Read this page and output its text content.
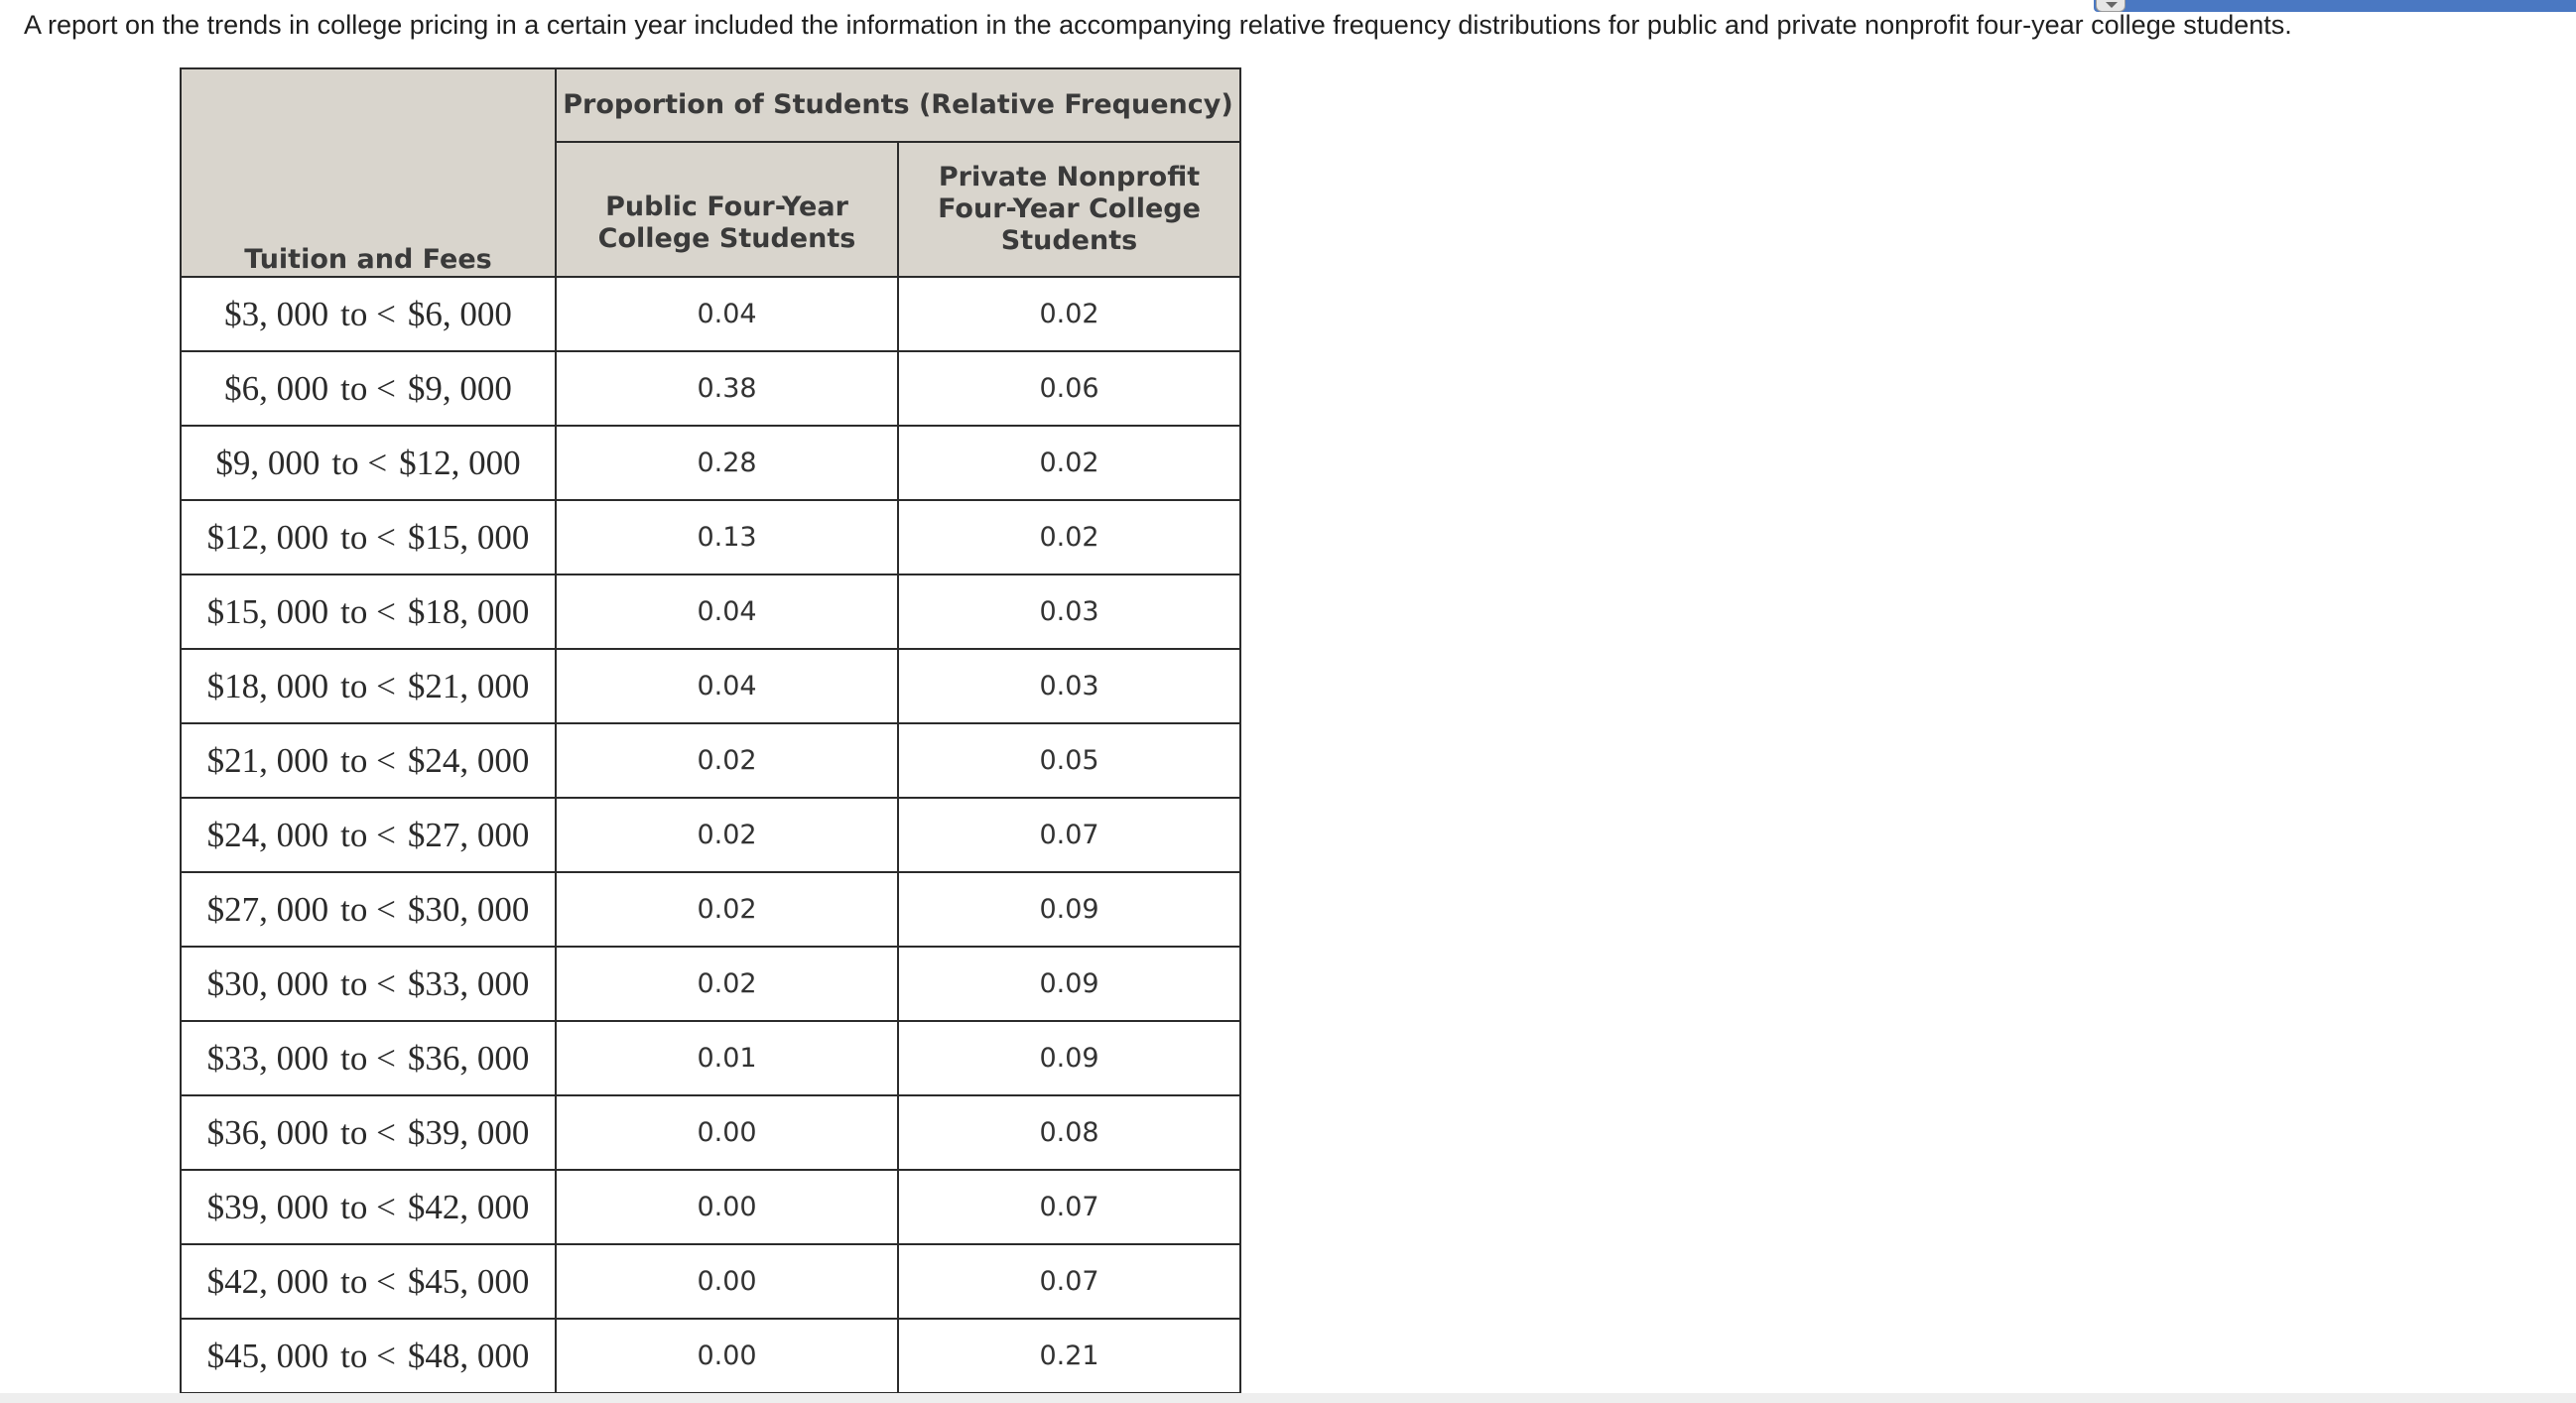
A report on the trends in college pricing in a certain year included the information in the accompanying relative frequency distributions for public and private nonprofit four-year college students.
Tuition and Fees	Proportion of Students (Relative Frequency)	

	Public Four-Year College Students	Private Nonprofit Four-Year College Students

$3, 000 to < $6, 000	0.04	0.02
$6, 000 to < $9, 000	0.38	0.06
$9, 000 to < $12, 000	0.28	0.02
$12, 000 to < $15, 000	0.13	0.02
$15, 000 to < $18, 000	0.04	0.03
$18, 000 to < $21, 000	0.04	0.03
$21, 000 to < $24, 000	0.02	0.05
$24, 000 to < $27, 000	0.02	0.07
$27, 000 to < $30, 000	0.02	0.09
$30, 000 to < $33, 000	0.02	0.09
$33, 000 to < $36, 000	0.01	0.09
$36, 000 to < $39, 000	0.00	0.08
$39, 000 to < $42, 000	0.00	0.07
$42, 000 to < $45, 000	0.00	0.07
$45, 000 to < $48, 000	0.00	0.21
